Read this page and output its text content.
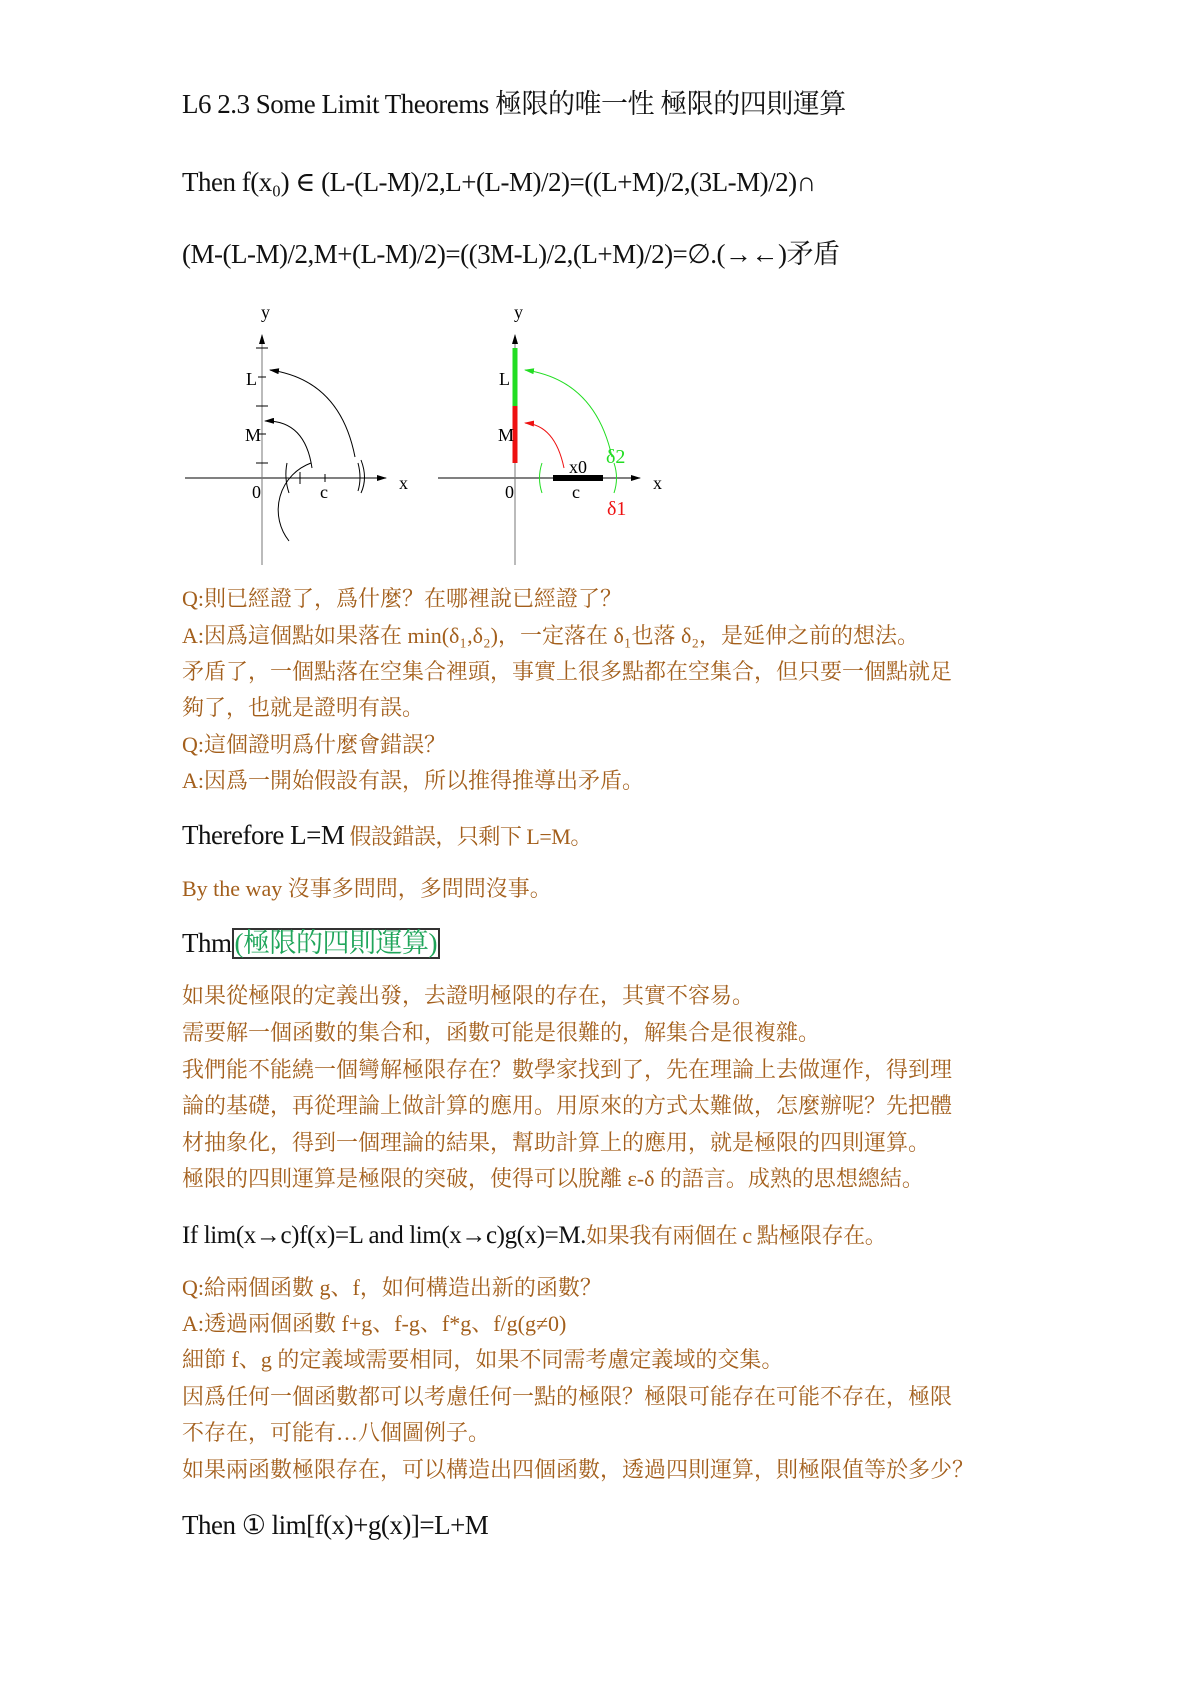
L6 2.3 Some Limit Theorems 極限的唯一性 極限的四則運算
Then f(x₀) ∈ (L-(L-M)/2,L+(L-M)/2)=((L+M)/2,(3L-M)/2)∩
(M-(L-M)/2,M+(L-M)/2)=((3M-L)/2,(L+M)/2)=∅.(→←)矛盾
y
x
L
M
0	c
y
x
L
M
0	c
x0
δ1
δ2
Q:則已經證了，爲什麼？在哪裡說已經證了？
A:因爲這個點如果落在 min(δ₁,δ₂)，一定落在 δ₁也落 δ₂，是延伸之前的想法。
矛盾了，一個點落在空集合裡頭，事實上很多點都在空集合，但只要一個點就足
夠了，也就是證明有誤。
Q:這個證明爲什麼會錯誤？
A:因爲一開始假設有誤，所以推得推導出矛盾。
Therefore L=M 假設錯誤，只剩下 L=M。
By the way 沒事多問問，多問問沒事。
Thm (極限的四則運算)
如果從極限的定義出發，去證明極限的存在，其實不容易。
需要解一個函數的集合和，函數可能是很難的，解集合是很複雜。
我們能不能繞一個彎解極限存在？數學家找到了，先在理論上去做運作，得到理
論的基礎，再從理論上做計算的應用。用原來的方式太難做，怎麼辦呢？先把體
材抽象化，得到一個理論的結果，幫助計算上的應用，就是極限的四則運算。
極限的四則運算是極限的突破，使得可以脫離 ε-δ 的語言。成熟的思想總結。
If lim(x→c)f(x)=L and lim(x→c)g(x)=M.如果我有兩個在 c 點極限存在。
Q:給兩個函數 g、f，如何構造出新的函數？
A:透過兩個函數 f+g、f-g、f*g、f/g(g≠0)
細節 f、g 的定義域需要相同，如果不同需考慮定義域的交集。
因爲任何一個函數都可以考慮任何一點的極限？極限可能存在可能不存在，極限
不存在，可能有…八個圖例子。
如果兩函數極限存在，可以構造出四個函數，透過四則運算，則極限值等於多少？
Then ① lim[f(x)+g(x)]=L+M
